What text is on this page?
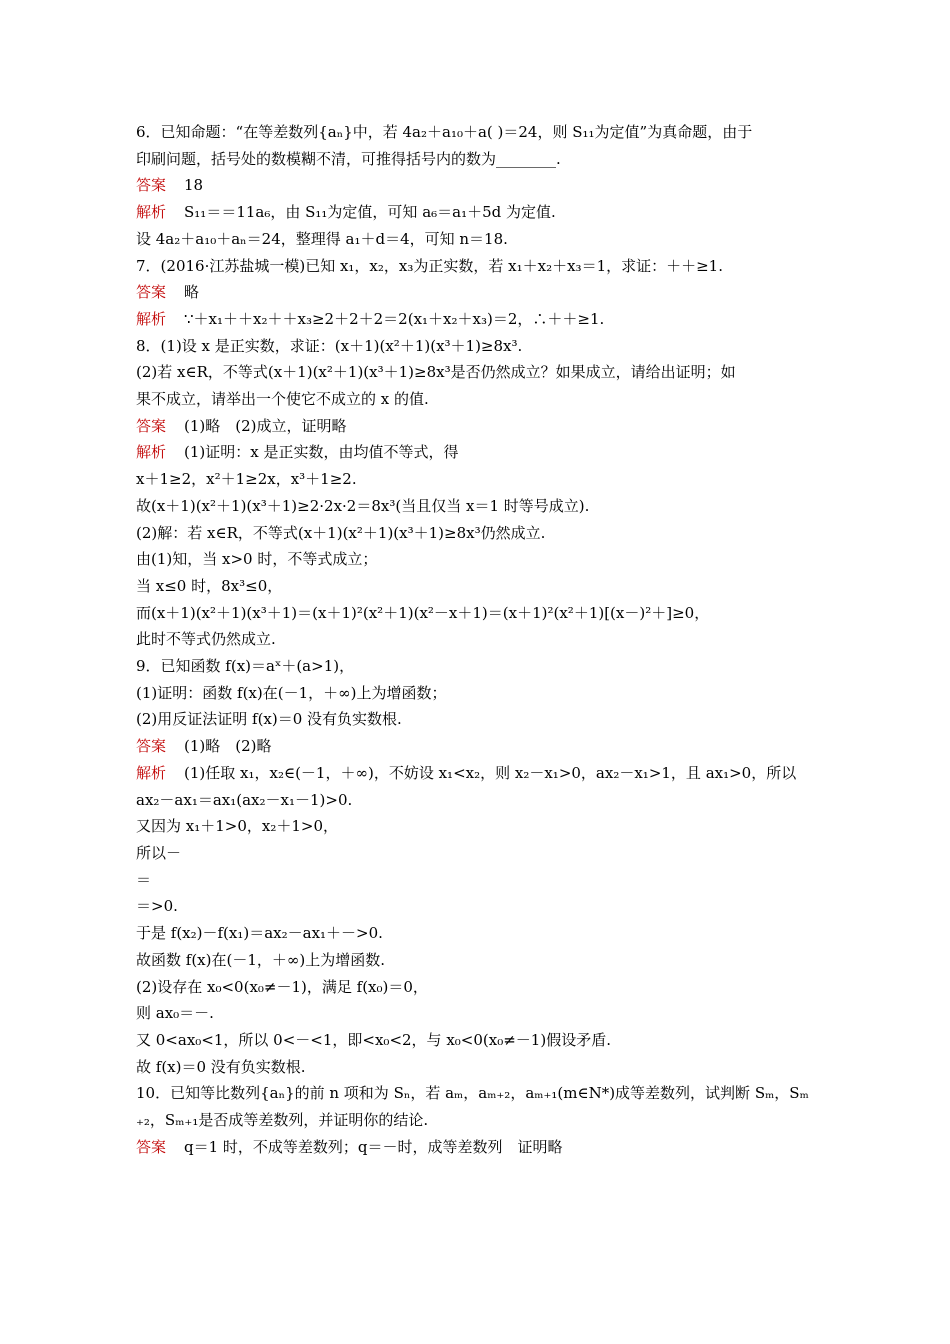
6．已知命题：“在等差数列{aₙ}中，若 4a₂＋a₁₀＋a( )＝24，则 S₁₁为定值”为真命题，由于
印刷问题，括号处的数模糊不清，可推得括号内的数为________.
答案 18
解析 S₁₁＝＝11a₆，由 S₁₁为定值，可知 a₆＝a₁＋5d 为定值.
设 4a₂＋a₁₀＋aₙ＝24，整理得 a₁＋d＝4，可知 n＝18.
7．(2016·江苏盐城一模)已知 x₁，x₂，x₃为正实数，若 x₁＋x₂＋x₃＝1，求证：＋＋≥1.
答案 略
解析 ∵＋x₁＋＋x₂＋＋x₃≥2＋2＋2＝2(x₁＋x₂＋x₃)＝2，∴＋＋≥1.
8．(1)设 x 是正实数，求证：(x＋1)(x²＋1)(x³＋1)≥8x³.
(2)若 x∈R，不等式(x＋1)(x²＋1)(x³＋1)≥8x³是否仍然成立？如果成立，请给出证明；如
果不成立，请举出一个使它不成立的 x 的值.
答案 (1)略　(2)成立，证明略
解析 (1)证明：x 是正实数，由均值不等式，得
x＋1≥2，x²＋1≥2x，x³＋1≥2.
故(x＋1)(x²＋1)(x³＋1)≥2·2x·2＝8x³(当且仅当 x＝1 时等号成立).
(2)解：若 x∈R，不等式(x＋1)(x²＋1)(x³＋1)≥8x³仍然成立.
由(1)知，当 x>0 时，不等式成立；
当 x≤0 时，8x³≤0，
而(x＋1)(x²＋1)(x³＋1)＝(x＋1)²(x²＋1)(x²－x＋1)＝(x＋1)²(x²＋1)[(x－)²＋]≥0，
此时不等式仍然成立.
9．已知函数 f(x)＝aˣ＋(a>1)，
(1)证明：函数 f(x)在(－1，＋∞)上为增函数；
(2)用反证法证明 f(x)＝0 没有负实数根.
答案 (1)略　(2)略
解析 (1)任取 x₁，x₂∈(－1，＋∞)，不妨设 x₁<x₂，则 x₂－x₁>0，ax₂－x₁>1，且 ax₁>0，所以
ax₂－ax₁＝ax₁(ax₂－x₁－1)>0.
又因为 x₁＋1>0，x₂＋1>0，
所以－
＝
＝>0.
于是 f(x₂)－f(x₁)＝ax₂－ax₁＋－>0.
故函数 f(x)在(－1，＋∞)上为增函数.
(2)设存在 x₀<0(x₀≠－1)，满足 f(x₀)＝0，
则 ax₀＝－.
又 0<ax₀<1，所以 0<－<1，即<x₀<2，与 x₀<0(x₀≠－1)假设矛盾.
故 f(x)＝0 没有负实数根.
10．已知等比数列{aₙ}的前 n 项和为 Sₙ，若 aₘ，aₘ₊₂，aₘ₊₁(m∈N*)成等差数列，试判断 Sₘ，Sₘ
₊₂，Sₘ₊₁是否成等差数列，并证明你的结论.
答案 q＝1 时，不成等差数列；q＝－时，成等差数列　证明略
